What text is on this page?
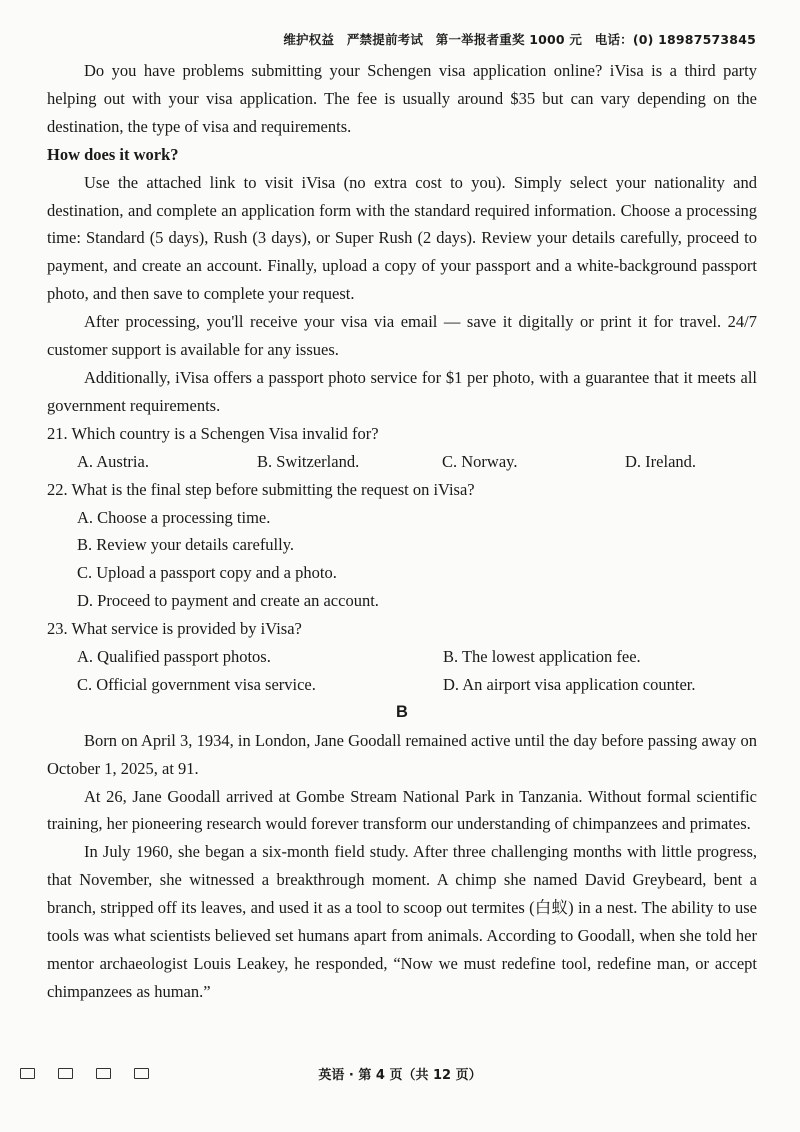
维护权益　严禁提前考试　第一举报者重奖 1000 元　电话：(0) 18987573845

Do you have problems submitting your Schengen visa application online? iVisa is a third party helping out with your visa application. The fee is usually around $35 but can vary depending on the destination, the type of visa and requirements.

How does it work?

Use the attached link to visit iVisa (no extra cost to you). Simply select your nationality and destination, and complete an application form with the standard required information. Choose a processing time: Standard (5 days), Rush (3 days), or Super Rush (2 days). Review your details carefully, proceed to payment, and create an account. Finally, upload a copy of your passport and a white-background passport photo, and then save to complete your request.

After processing, you'll receive your visa via email — save it digitally or print it for travel. 24/7 customer support is available for any issues.

Additionally, iVisa offers a passport photo service for $1 per photo, with a guarantee that it meets all government requirements.

21. Which country is a Schengen Visa invalid for?

A. Austria.	B. Switzerland.	C. Norway.	D. Ireland.

22. What is the final step before submitting the request on iVisa?

A. Choose a processing time.

B. Review your details carefully.

C. Upload a passport copy and a photo.

D. Proceed to payment and create an account.

23. What service is provided by iVisa?

A. Qualified passport photos.	B. The lowest application fee.
C. Official government visa service.	D. An airport visa application counter.

B

Born on April 3, 1934, in London, Jane Goodall remained active until the day before passing away on October 1, 2025, at 91.

At 26, Jane Goodall arrived at Gombe Stream National Park in Tanzania. Without formal scientific training, her pioneering research would forever transform our understanding of chimpanzees and primates.

In July 1960, she began a six-month field study. After three challenging months with little progress, that November, she witnessed a breakthrough moment. A chimp she named David Greybeard, bent a branch, stripped off its leaves, and used it as a tool to scoop out termites (白蚁) in a nest. The ability to use tools was what scientists believed set humans apart from animals. According to Goodall, when she told her mentor archaeologist Louis Leakey, he responded, “Now we must redefine tool, redefine man, or accept chimpanzees as human.”

英语 · 第 4 页（共 12 页）
